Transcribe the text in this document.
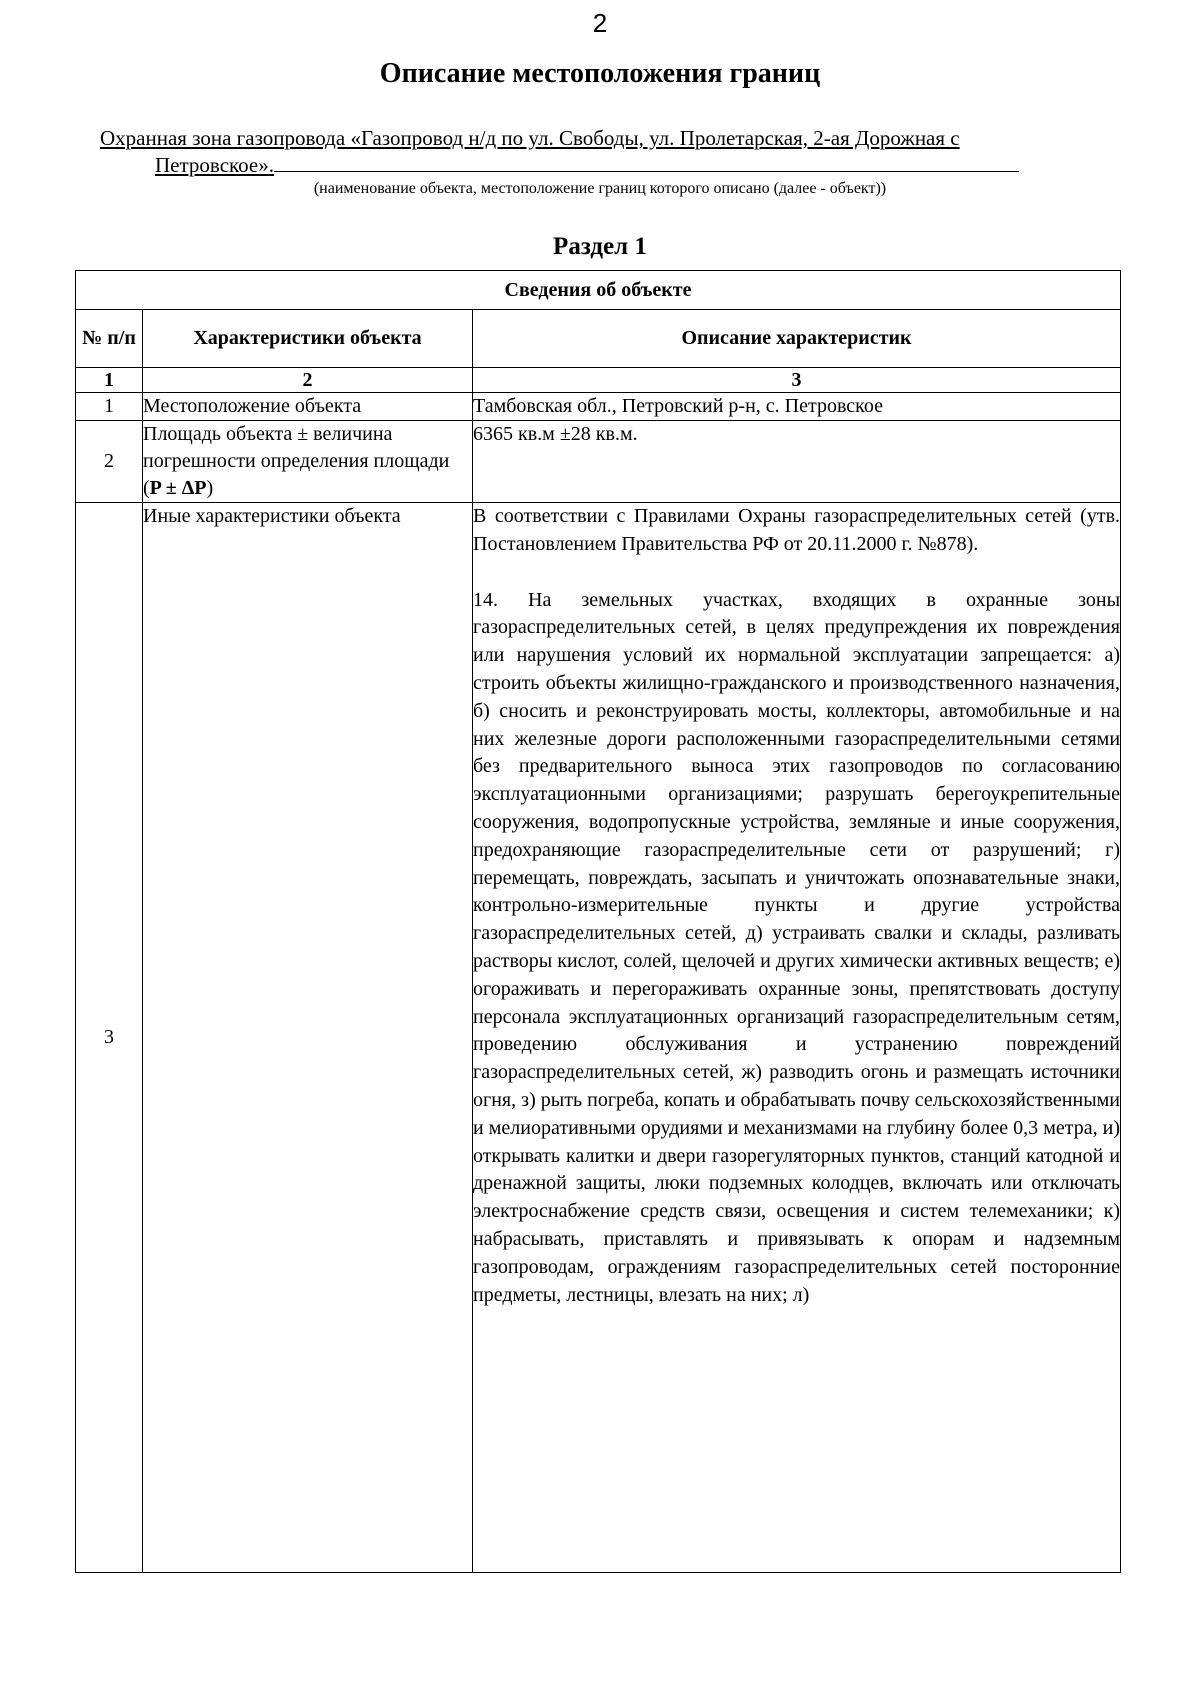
2
Описание местоположения границ
Охранная зона газопровода «Газопровод н/д по ул. Свободы, ул. Пролетарская, 2-ая Дорожная с
Петровское».
(наименование объекта, местоположение границ которого описано (далее - объект))
Раздел 1
Сведения об объекте		
№ п/п	Характеристики объекта	Описание характеристик
1	2	3
1	Местоположение объекта	Тамбовская обл., Петровский р-н, с. Петровское
2	Площадь объекта ± величина погрешности определения площади (P ± ΔP)	6365 кв.м ±28 кв.м.
3	Иные характеристики объекта	В соответствии с Правилами Охраны газораспределительных сетей (утв. Постановлением Правительства РФ от 20.11.2000 г. №878).
14. На земельных участках, входящих в охранные зоны газораспределительных сетей, в целях предупреждения их повреждения или нарушения условий их нормальной эксплуатации запрещается: а) строить объекты жилищно-гражданского и производственного назначения, б) сносить и реконструировать мосты, коллекторы, автомобильные и на них железные дороги расположенными газораспределительными сетями без предварительного выноса этих газопроводов по согласованию эксплуатационными организациями; разрушать берегоукрепительные сооружения, водопропускные устройства, земляные и иные сооружения, предохраняющие газораспределительные сети от разрушений; г) перемещать, повреждать, засыпать и уничтожать опознавательные знаки, контрольно-измерительные пункты и другие устройства газораспределительных сетей, д) устраивать свалки и склады, разливать растворы кислот, солей, щелочей и других химически активных веществ; е) огораживать и перегораживать охранные зоны, препятствовать доступу персонала эксплуатационных организаций газораспределительным сетям, проведению обслуживания и устранению повреждений газораспределительных сетей, ж) разводить огонь и размещать источники огня, з) рыть погреба, копать и обрабатывать почву сельскохозяйственными и мелиоративными орудиями и механизмами на глубину более 0,3 метра, и) открывать калитки и двери газорегуляторных пунктов, станций катодной и дренажной защиты, люки подземных колодцев, включать или отключать электроснабжение средств связи, освещения и систем телемеханики; к) набрасывать, приставлять и привязывать к опорам и надземным газопроводам, ограждениям газораспределительных сетей посторонние предметы, лестницы, влезать на них; л)
